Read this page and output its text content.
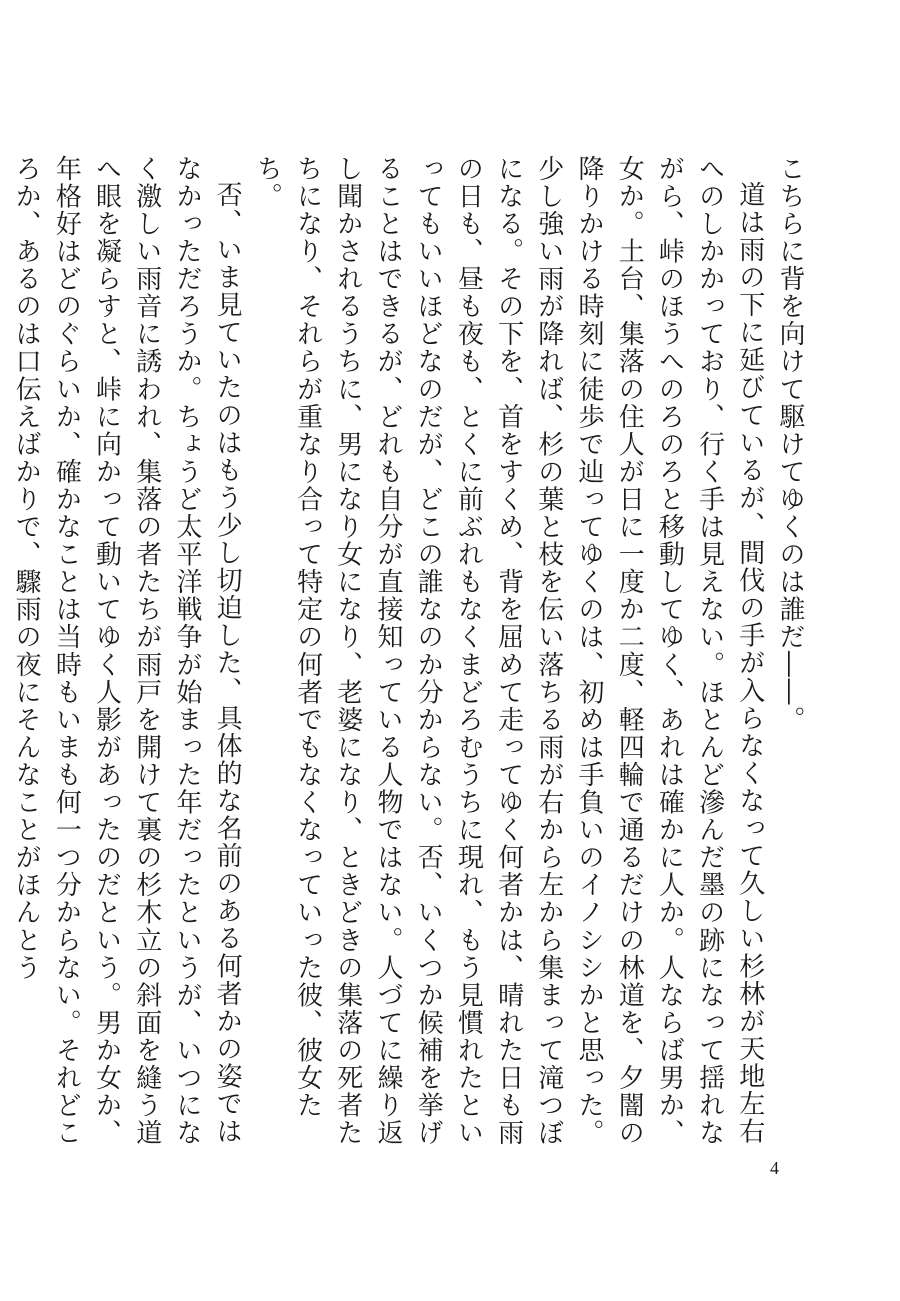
こちらに背を向けて駆けてゆくのは誰だ――。

道は雨の下に延びているが、間伐の手が入らなくなって久しい杉林が天地左右へのしかかっており、行く手は見えない。ほとんど滲んだ墨の跡になって揺れながら、峠のほうへのろのろと移動してゆく、あれは確かに人か。人ならば男か、女か。土台、集落の住人が日に一度か二度、軽四輪で通るだけの林道を、夕闇の降りかける時刻に徒歩で辿ってゆくのは、初めは手負いのイノシシかと思った。少し強い雨が降れば、杉の葉と枝を伝い落ちる雨が右から左から集まって滝つぼになる。その下を、首をすくめ、背を屈めて走ってゆく何者かは、晴れた日も雨の日も、昼も夜も、とくに前ぶれもなくまどろむうちに現れ、もう見慣れたといってもいいほどなのだが、どこの誰なのか分からない。否、いくつか候補を挙げることはできるが、どれも自分が直接知っている人物ではない。人づてに繰り返し聞かされるうちに、男になり女になり、老婆になり、ときどきの集落の死者たちになり、それらが重なり合って特定の何者でもなくなっていった彼、彼女たち。

否、いま見ていたのはもう少し切迫した、具体的な名前のある何者かの姿ではなかっただろうか。ちょうど太平洋戦争が始まった年だったというが、いつになく激しい雨音に誘われ、集落の者たちが雨戸を開けて裏の杉木立の斜面を縫う道へ眼を凝らすと、峠に向かって動いてゆく人影があったのだという。男か女か、年格好はどのぐらいか、確かなことは当時もいまも何一つ分からない。それどころか、あるのは口伝えばかりで、驟雨の夜にそんなことがほんとう

4
